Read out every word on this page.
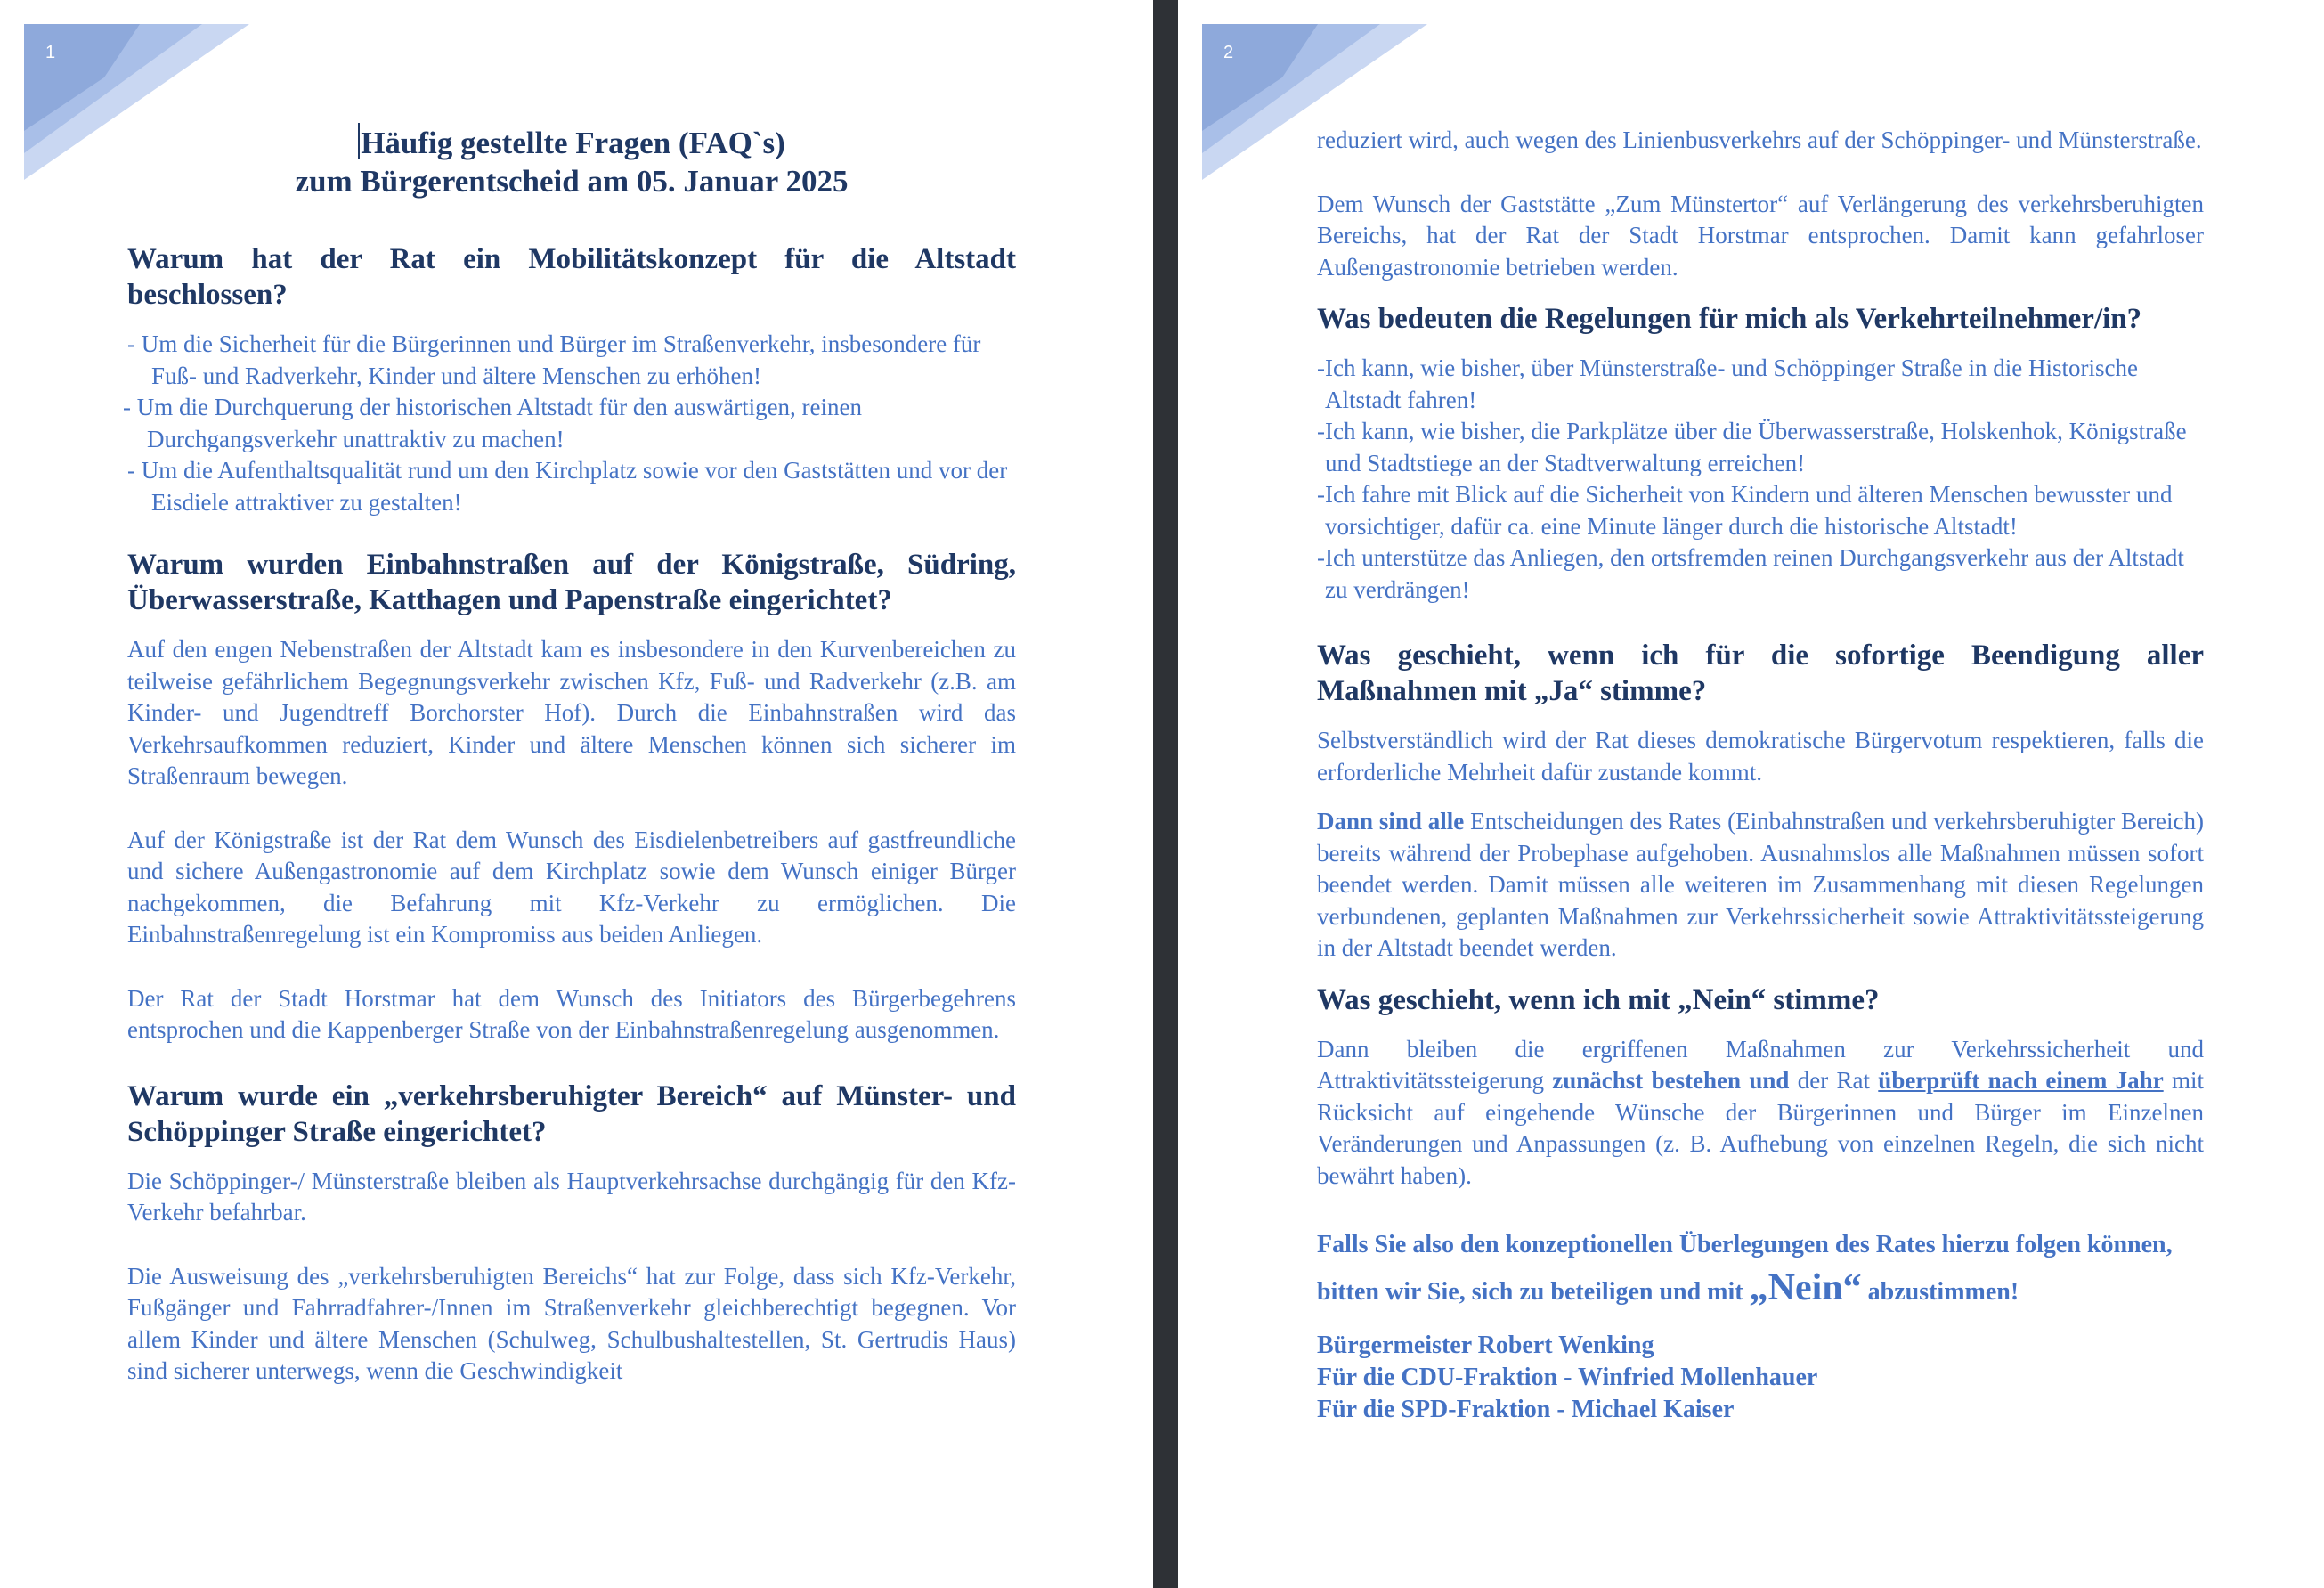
1
Häufig gestellte Fragen (FAQ`s)
zum Bürgerentscheid am 05. Januar 2025
Warum hat der Rat ein Mobilitätskonzept für die Altstadt beschlossen?
- Um die Sicherheit für die Bürgerinnen und Bürger im Straßenverkehr, insbesondere für Fuß- und Radverkehr, Kinder und ältere Menschen zu erhöhen!
- Um die Durchquerung der historischen Altstadt für den auswärtigen, reinen Durchgangsverkehr unattraktiv zu machen!
- Um die Aufenthaltsqualität rund um den Kirchplatz sowie vor den Gaststätten und vor der Eisdiele attraktiver zu gestalten!
Warum wurden Einbahnstraßen auf der Königstraße, Südring, Überwasserstraße, Katthagen und Papenstraße eingerichtet?

Auf den engen Nebenstraßen der Altstadt kam es insbesondere in den Kurvenbereichen zu teilweise gefährlichem Begegnungsverkehr zwischen Kfz, Fuß- und Radverkehr (z.B. am Kinder- und Jugendtreff Borchorster Hof). Durch die Einbahnstraßen wird das Verkehrsaufkommen reduziert, Kinder und ältere Menschen können sich sicherer im Straßenraum bewegen.

Auf der Königstraße ist der Rat dem Wunsch des Eisdielenbetreibers auf gastfreundliche und sichere Außengastronomie auf dem Kirchplatz sowie dem Wunsch einiger Bürger nachgekommen, die Befahrung mit Kfz-Verkehr zu ermöglichen. Die Einbahnstraßenregelung ist ein Kompromiss aus beiden Anliegen.

Der Rat der Stadt Horstmar hat dem Wunsch des Initiators des Bürgerbegehrens entsprochen und die Kappenberger Straße von der Einbahnstraßenregelung ausgenommen.

Warum wurde ein „verkehrsberuhigter Bereich“ auf Münster- und Schöppinger Straße eingerichtet?

Die Schöppinger-/ Münsterstraße bleiben als Hauptverkehrsachse durchgängig für den Kfz-Verkehr befahrbar.

Die Ausweisung des „verkehrsberuhigten Bereichs“ hat zur Folge, dass sich Kfz-Verkehr, Fußgänger und Fahrradfahrer-/Innen im Straßenverkehr gleichberechtigt begegnen. Vor allem Kinder und ältere Menschen (Schulweg, Schulbushaltestellen, St. Gertrudis Haus) sind sicherer unterwegs, wenn die Geschwindigkeit

2

reduziert wird, auch wegen des Linienbusverkehrs auf der Schöppinger- und Münsterstraße.

Dem Wunsch der Gaststätte „Zum Münstertor“ auf Verlängerung des verkehrsberuhigten Bereichs, hat der Rat der Stadt Horstmar entsprochen. Damit kann gefahrloser Außengastronomie betrieben werden.

Was bedeuten die Regelungen für mich als Verkehrteilnehmer/in?
-Ich kann, wie bisher, über Münsterstraße- und Schöppinger Straße in die Historische Altstadt fahren!
-Ich kann, wie bisher, die Parkplätze über die Überwasserstraße, Holskenhok, Königstraße und Stadtstiege an der Stadtverwaltung erreichen!
-Ich fahre mit Blick auf die Sicherheit von Kindern und älteren Menschen bewusster und vorsichtiger, dafür ca. eine Minute länger durch die historische Altstadt!
-Ich unterstütze das Anliegen, den ortsfremden reinen Durchgangsverkehr aus der Altstadt zu verdrängen!
Was geschieht, wenn ich für die sofortige Beendigung aller Maßnahmen mit „Ja“ stimme?

Selbstverständlich wird der Rat dieses demokratische Bürgervotum respektieren, falls die erforderliche Mehrheit dafür zustande kommt.

Dann sind alle Entscheidungen des Rates (Einbahnstraßen und verkehrsberuhigter Bereich) bereits während der Probephase aufgehoben. Ausnahmslos alle Maßnahmen müssen sofort beendet werden. Damit müssen alle weiteren im Zusammenhang mit diesen Regelungen verbundenen, geplanten Maßnahmen zur Verkehrssicherheit sowie Attraktivitätssteigerung in der Altstadt beendet werden.

Was geschieht, wenn ich mit „Nein“ stimme?

Dann bleiben die ergriffenen Maßnahmen zur Verkehrssicherheit und Attraktivitätssteigerung zunächst bestehen und der Rat überprüft nach einem Jahr mit Rücksicht auf eingehende Wünsche der Bürgerinnen und Bürger im Einzelnen Veränderungen und Anpassungen (z. B. Aufhebung von einzelnen Regeln, die sich nicht bewährt haben).

Falls Sie also den konzeptionellen Überlegungen des Rates hierzu folgen können, bitten wir Sie, sich zu beteiligen und mit „Nein“ abzustimmen!
Bürgermeister Robert Wenking
Für die CDU-Fraktion - Winfried Mollenhauer
Für die SPD-Fraktion - Michael Kaiser
